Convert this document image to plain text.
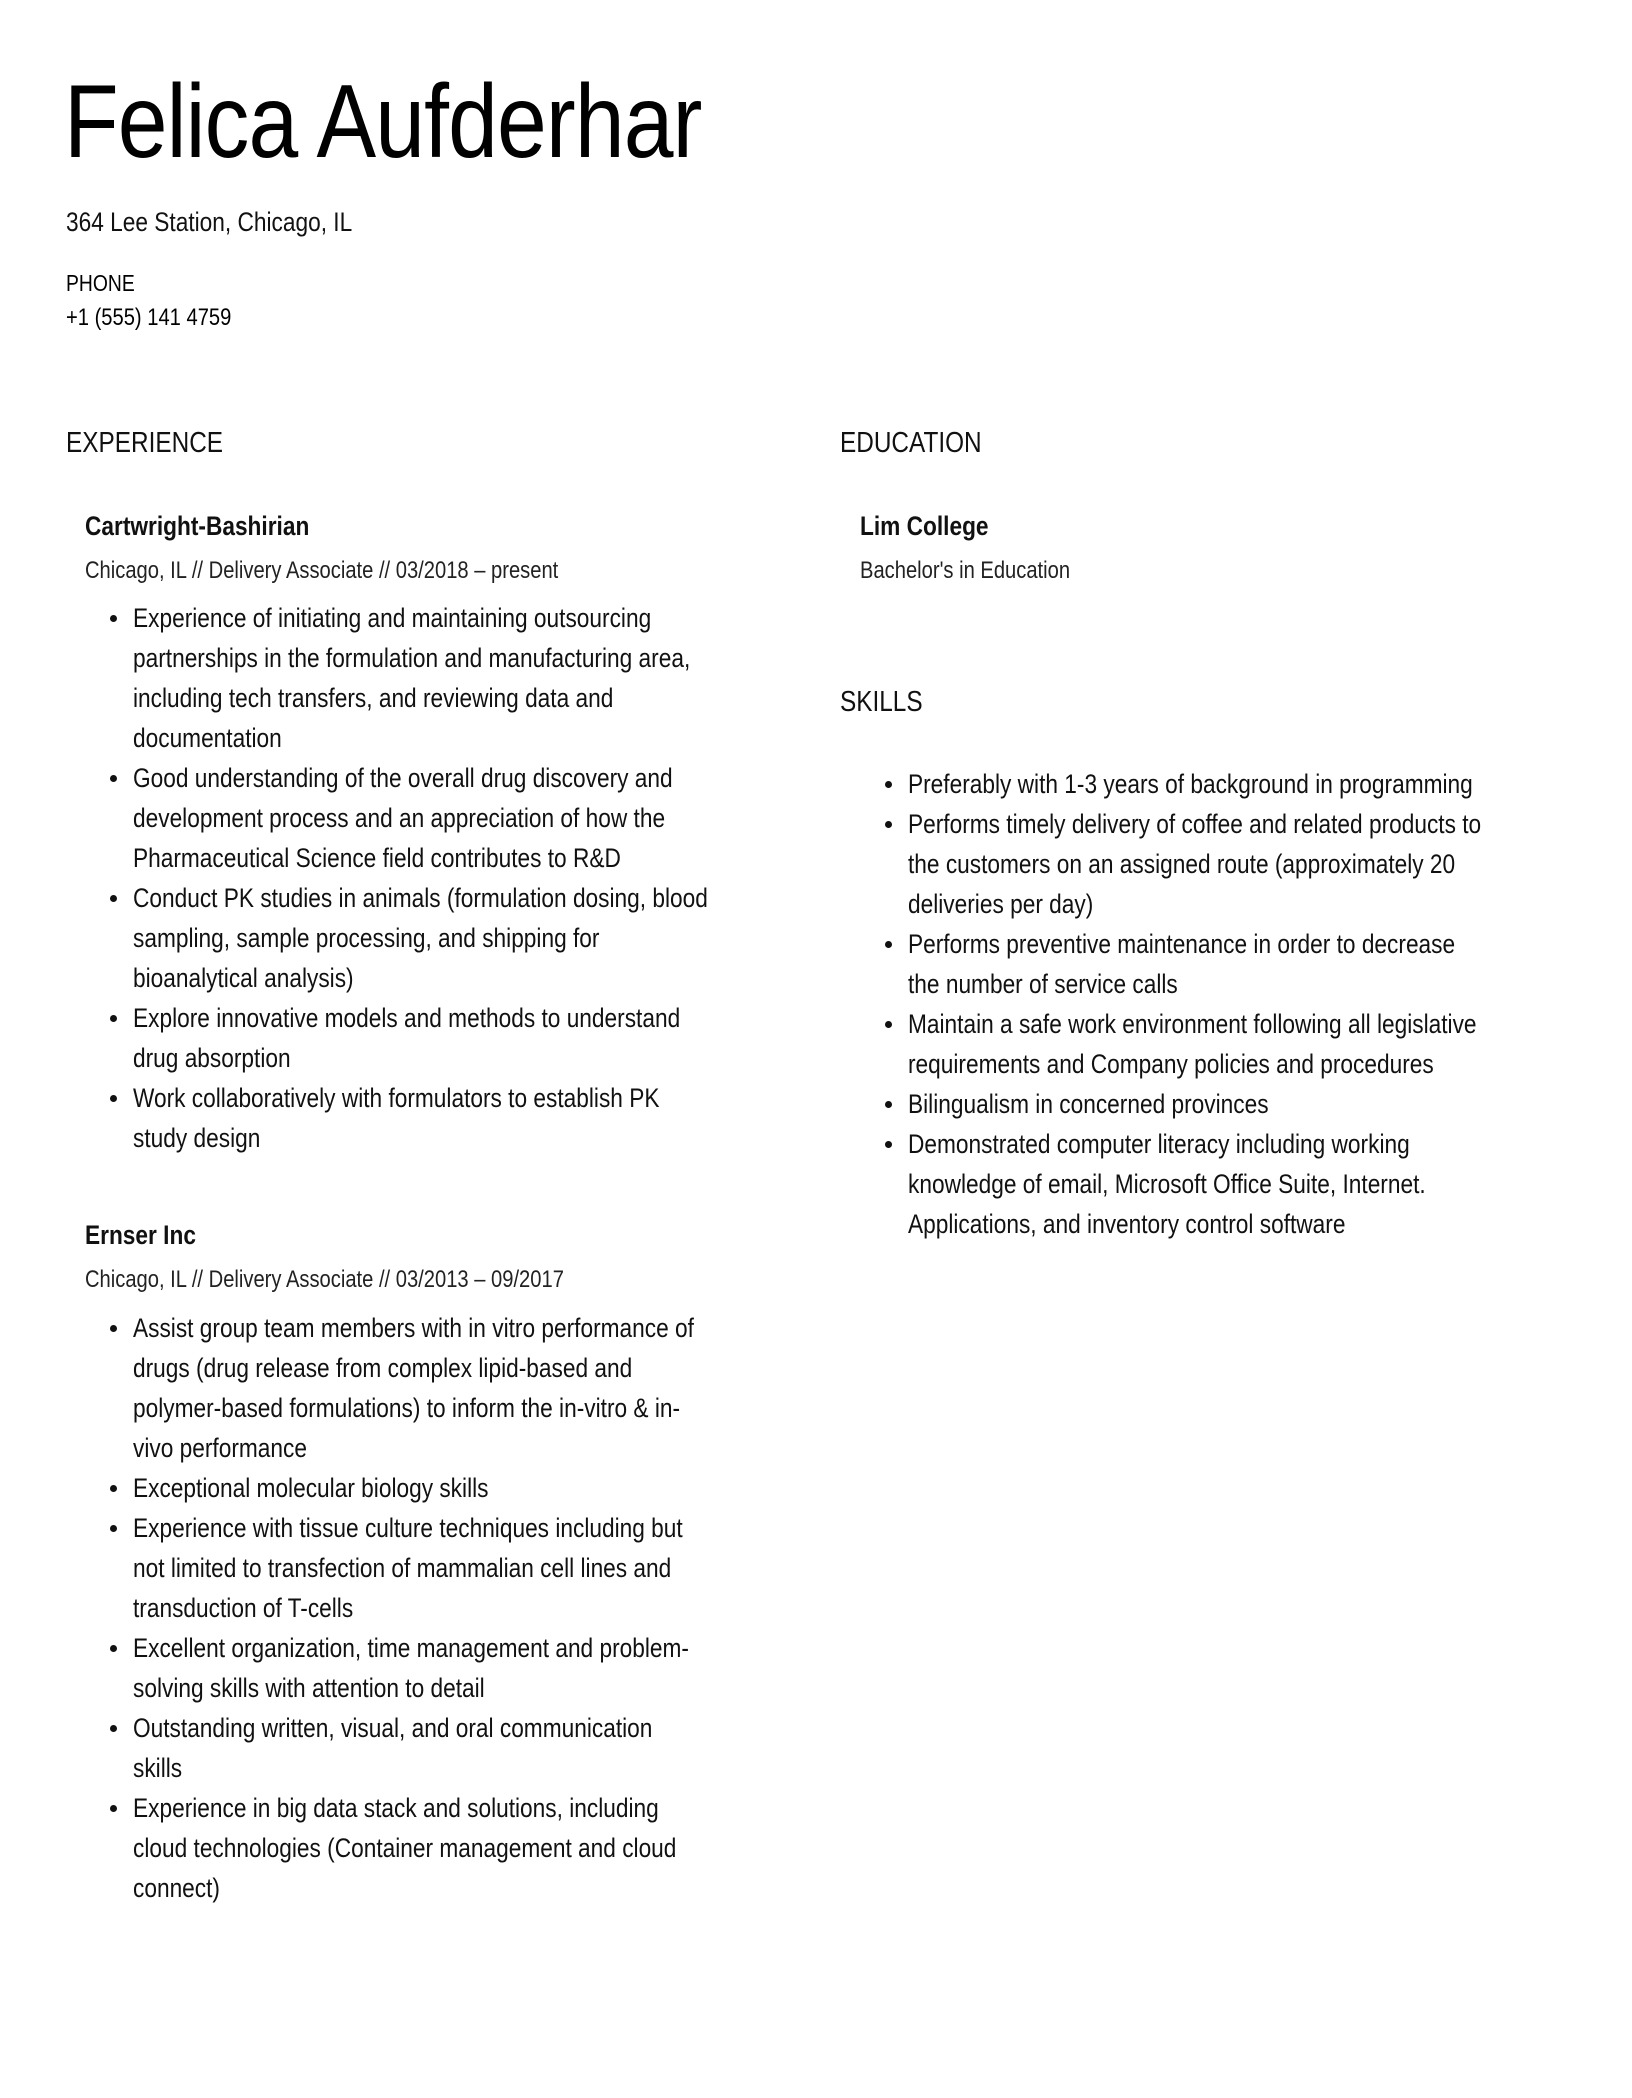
Felica Aufderhar
364 Lee Station, Chicago, IL
PHONE
+1 (555) 141 4759
EXPERIENCE
Cartwright-Bashirian
Chicago, IL // Delivery Associate // 03/2018 – present
Experience of initiating and maintaining outsourcing
partnerships in the formulation and manufacturing area,
including tech transfers, and reviewing data and
documentation
Good understanding of the overall drug discovery and
development process and an appreciation of how the
Pharmaceutical Science field contributes to R&D
Conduct PK studies in animals (formulation dosing, blood
sampling, sample processing, and shipping for
bioanalytical analysis)
Explore innovative models and methods to understand
drug absorption
Work collaboratively with formulators to establish PK
study design
Ernser Inc
Chicago, IL // Delivery Associate // 03/2013 – 09/2017
Assist group team members with in vitro performance of
drugs (drug release from complex lipid-based and
polymer-based formulations) to inform the in-vitro & in-
vivo performance
Exceptional molecular biology skills
Experience with tissue culture techniques including but
not limited to transfection of mammalian cell lines and
transduction of T-cells
Excellent organization, time management and problem-
solving skills with attention to detail
Outstanding written, visual, and oral communication
skills
Experience in big data stack and solutions, including
cloud technologies (Container management and cloud
connect)
EDUCATION
Lim College
Bachelor's in Education
SKILLS
Preferably with 1-3 years of background in programming
Performs timely delivery of coffee and related products to
the customers on an assigned route (approximately 20
deliveries per day)
Performs preventive maintenance in order to decrease
the number of service calls
Maintain a safe work environment following all legislative
requirements and Company policies and procedures
Bilingualism in concerned provinces
Demonstrated computer literacy including working
knowledge of email, Microsoft Office Suite, Internet.
Applications, and inventory control software
